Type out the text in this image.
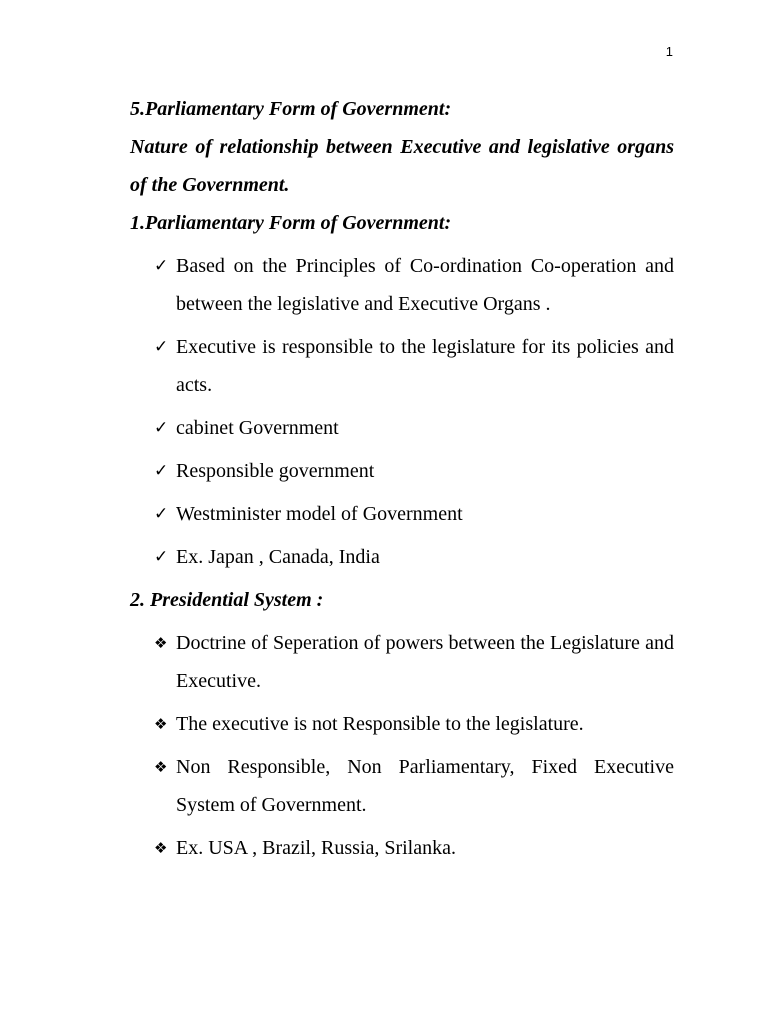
1

5.Parliamentary Form of Government:

Nature of relationship between Executive and legislative organs of the Government.

1.Parliamentary Form of Government:

✓ Based on the Principles of Co-ordination Co-operation and between the legislative and Executive Organs .
✓ Executive is responsible to the legislature for its policies and acts.
✓ cabinet Government
✓ Responsible government
✓ Westminister model of Government
✓ Ex. Japan , Canada, India

2. Presidential System :

❖ Doctrine of Seperation of powers between the Legislature and Executive.
❖ The executive is not Responsible to the legislature.
❖ Non Responsible, Non Parliamentary, Fixed Executive System of Government.
❖ Ex. USA , Brazil, Russia, Srilanka.
